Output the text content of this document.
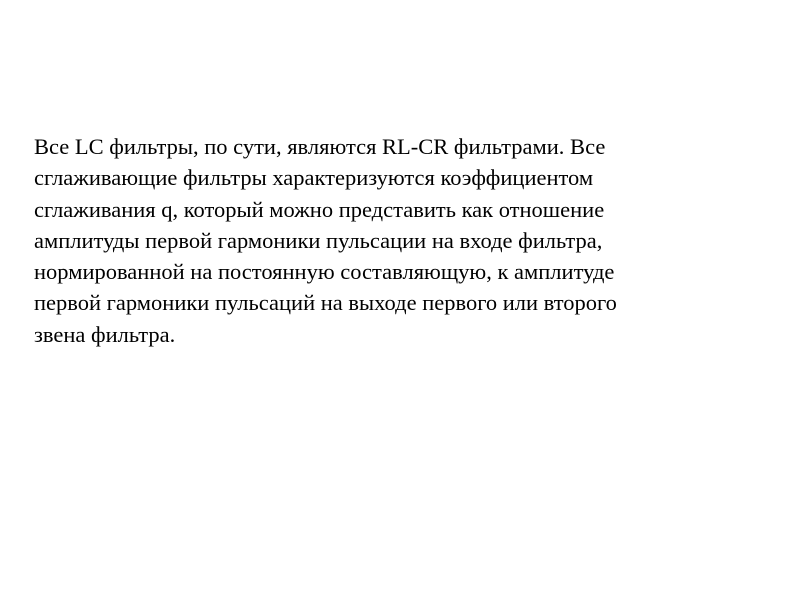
Все LC фильтры, по сути, являются RL-CR фильтрами. Все
сглаживающие фильтры характеризуются коэффициентом
сглаживания q, который можно представить как отношение
амплитуды первой гармоники пульсации на входе фильтра,
нормированной на постоянную составляющую, к амплитуде
первой гармоники пульсаций на выходе первого или второго
звена фильтра.
